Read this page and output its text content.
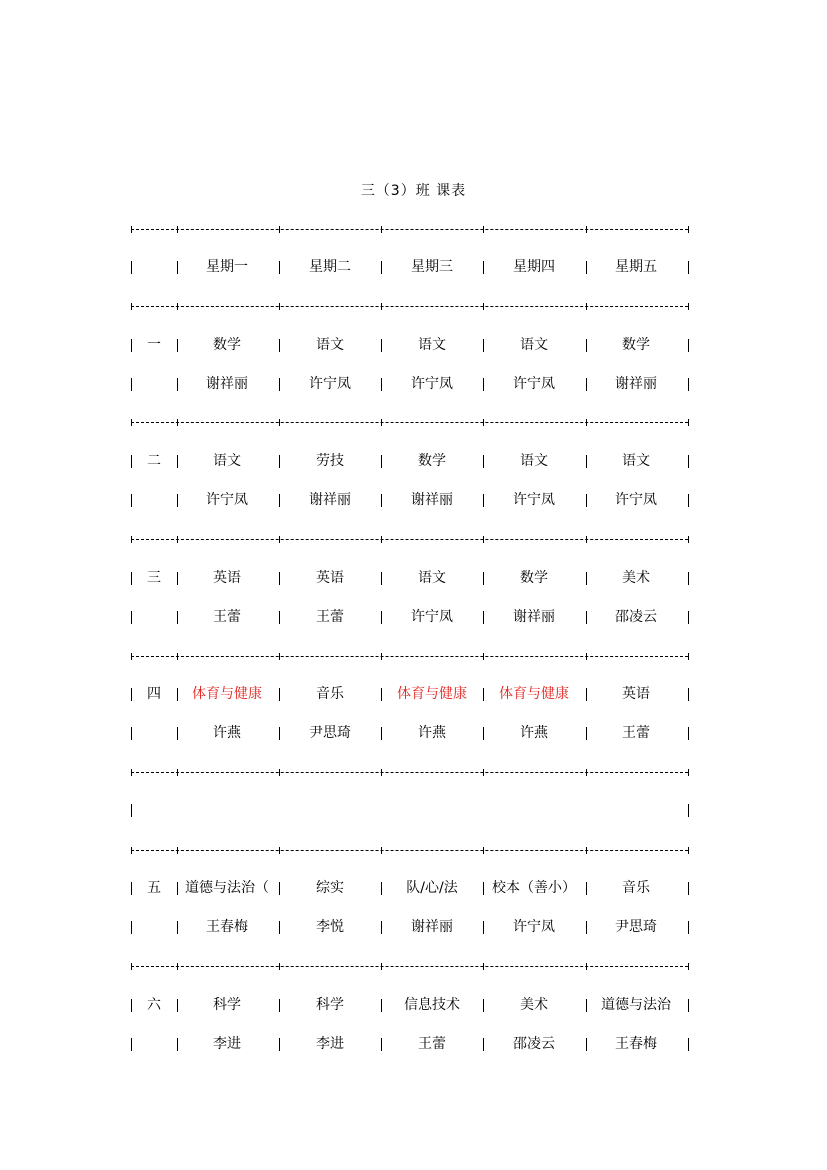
三（3）班 课表
星期一	星期二	星期三	星期四	星期五
一	数学	语文	语文	语文	数学
谢祥丽	许宁凤	许宁凤	许宁凤	谢祥丽
二	语文	劳技	数学	语文	语文
许宁凤	谢祥丽	谢祥丽	许宁凤	许宁凤
三	英语	英语	语文	数学	美术
王蕾	王蕾	许宁凤	谢祥丽	邵凌云
四	体育与健康	音乐	体育与健康	体育与健康	英语
许燕	尹思琦	许燕	许燕	王蕾
五	道德与法治（	综实	队/心/法	校本（善小）	音乐
王春梅	李悦	谢祥丽	许宁凤	尹思琦
六	科学	科学	信息技术	美术	道德与法治
李进	李进	王蕾	邵凌云	王春梅
